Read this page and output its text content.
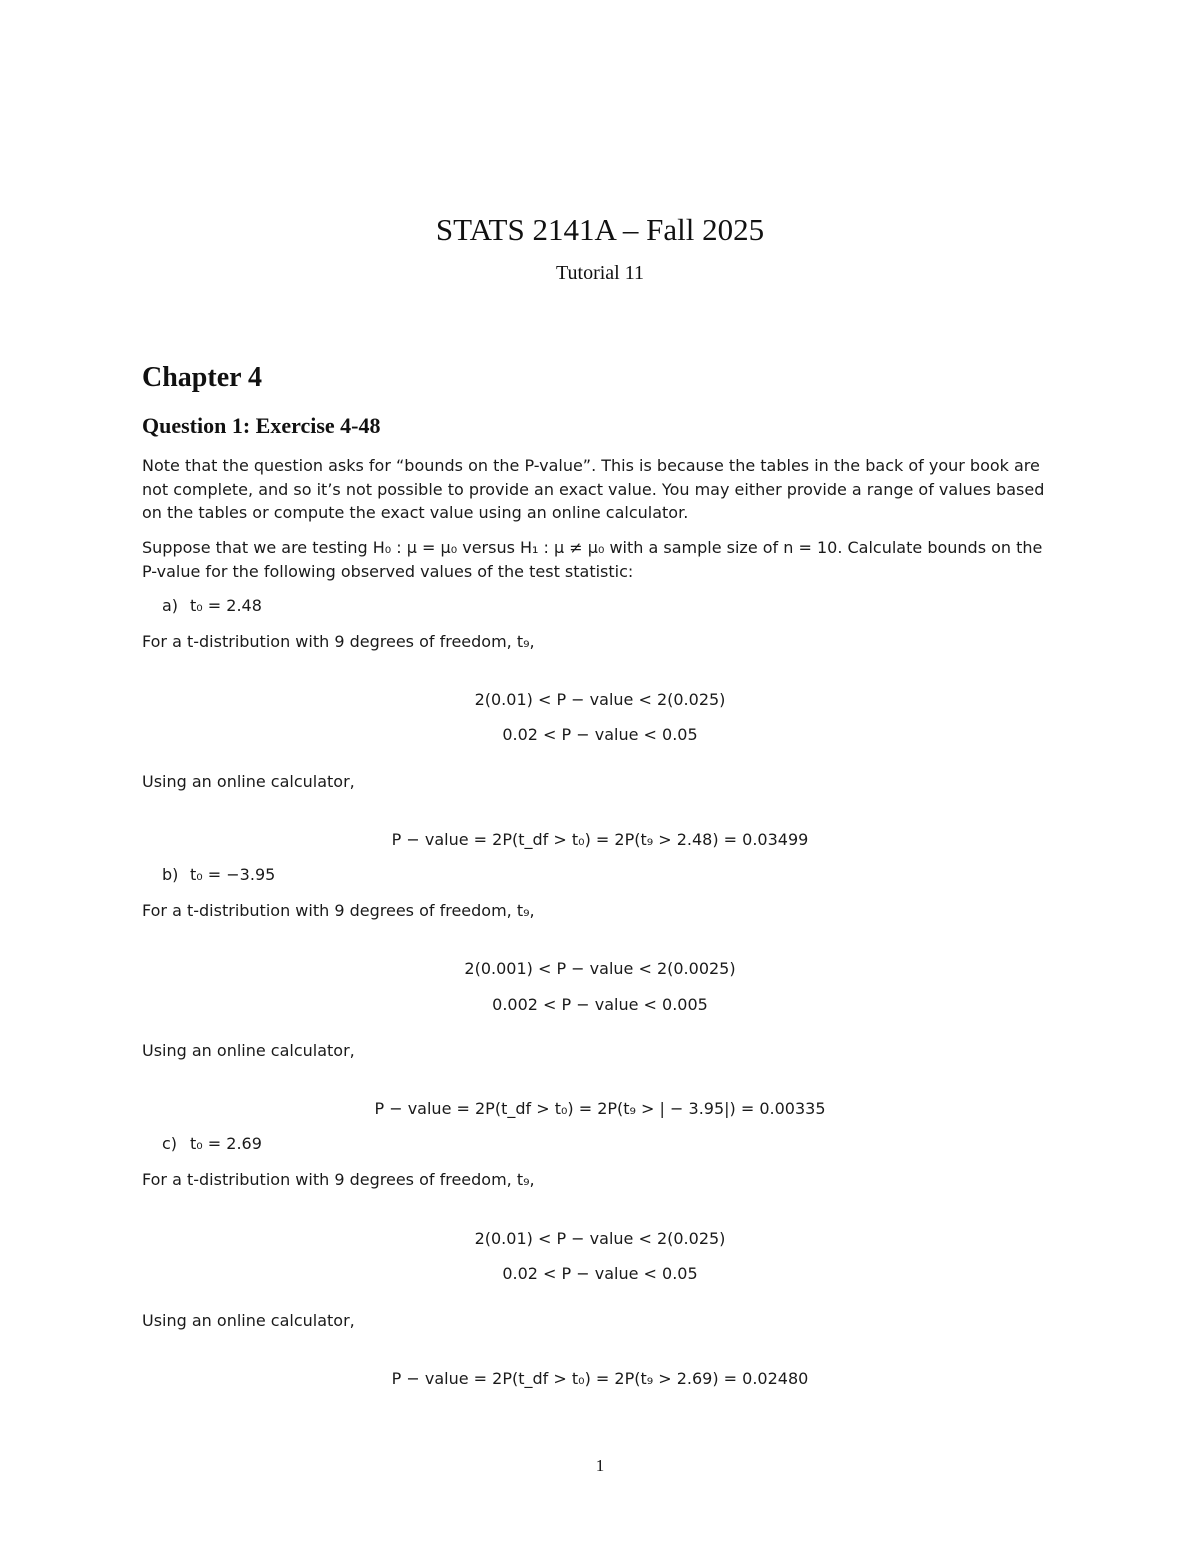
STATS 2141A – Fall 2025
Tutorial 11
Chapter 4
Question 1: Exercise 4-48
Note that the question asks for “bounds on the P-value”. This is because the tables in the back of your book are not complete, and so it’s not possible to provide an exact value. You may either provide a range of values based on the tables or compute the exact value using an online calculator.
Suppose that we are testing H₀ : μ = μ₀ versus H₁ : μ ≠ μ₀ with a sample size of n = 10. Calculate bounds on the P-value for the following observed values of the test statistic:
a) t₀ = 2.48
For a t-distribution with 9 degrees of freedom, t₉,
2(0.01) < P − value < 2(0.025)
0.02 < P − value < 0.05
Using an online calculator,
P − value = 2P(t_df > t₀) = 2P(t₉ > 2.48) = 0.03499
b) t₀ = −3.95
For a t-distribution with 9 degrees of freedom, t₉,
2(0.001) < P − value < 2(0.0025)
0.002 < P − value < 0.005
Using an online calculator,
P − value = 2P(t_df > t₀) = 2P(t₉ > | − 3.95|) = 0.00335
c) t₀ = 2.69
For a t-distribution with 9 degrees of freedom, t₉,
2(0.01) < P − value < 2(0.025)
0.02 < P − value < 0.05
Using an online calculator,
P − value = 2P(t_df > t₀) = 2P(t₉ > 2.69) = 0.02480
1
